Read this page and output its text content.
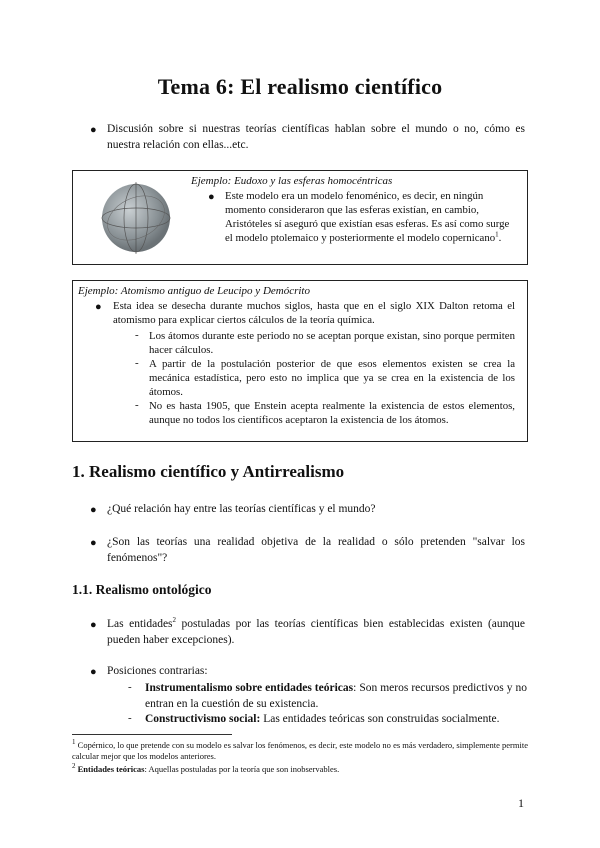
Tema 6: El realismo científico
● Discusión sobre si nuestras teorías científicas hablan sobre el mundo o no, cómo es nuestra relación con ellas...etc.
Ejemplo: Eudoxo y las esferas homocéntricas
● Este modelo era un modelo fenoménico, es decir, en ningún momento consideraron que las esferas existían, en cambio, Aristóteles sí aseguró que existían esas esferas. Es así como surge el modelo ptolemaico y posteriormente el modelo copernicano$^1$.
Ejemplo: Atomismo antiguo de Leucipo y Demócrito
● Esta idea se desecha durante muchos siglos, hasta que en el siglo XIX Dalton retoma el atomismo para explicar ciertos cálculos de la teoría química.
- Los átomos durante este periodo no se aceptan porque existan, sino porque permiten hacer cálculos.
- A partir de la postulación posterior de que esos elementos existen se crea la mecánica estadística, pero esto no implica que ya se crea en la existencia de los átomos.
- No es hasta 1905, que Enstein acepta realmente la existencia de estos elementos, aunque no todos los científicos aceptaron la existencia de los átomos.
1. Realismo científico y Antirrealismo
● ¿Qué relación hay entre las teorías científicas y el mundo?
● ¿Son las teorías una realidad objetiva de la realidad o sólo pretenden "salvar los fenómenos"?
1.1. Realismo ontológico
● Las entidades$^2$ postuladas por las teorías científicas bien establecidas existen (aunque pueden haber excepciones).
● Posiciones contrarias:
- Instrumentalismo sobre entidades teóricas: Son meros recursos predictivos y no entran en la cuestión de su existencia.
- Constructivismo social: Las entidades teóricas son construidas socialmente.
$^1$ Copérnico, lo que pretende con su modelo es salvar los fenómenos, es decir, este modelo no es más verdadero, simplemente permite calcular mejor que los modelos anteriores.
$^2$ Entidades teóricas: Aquellas postuladas por la teoría que son inobservables.
1
